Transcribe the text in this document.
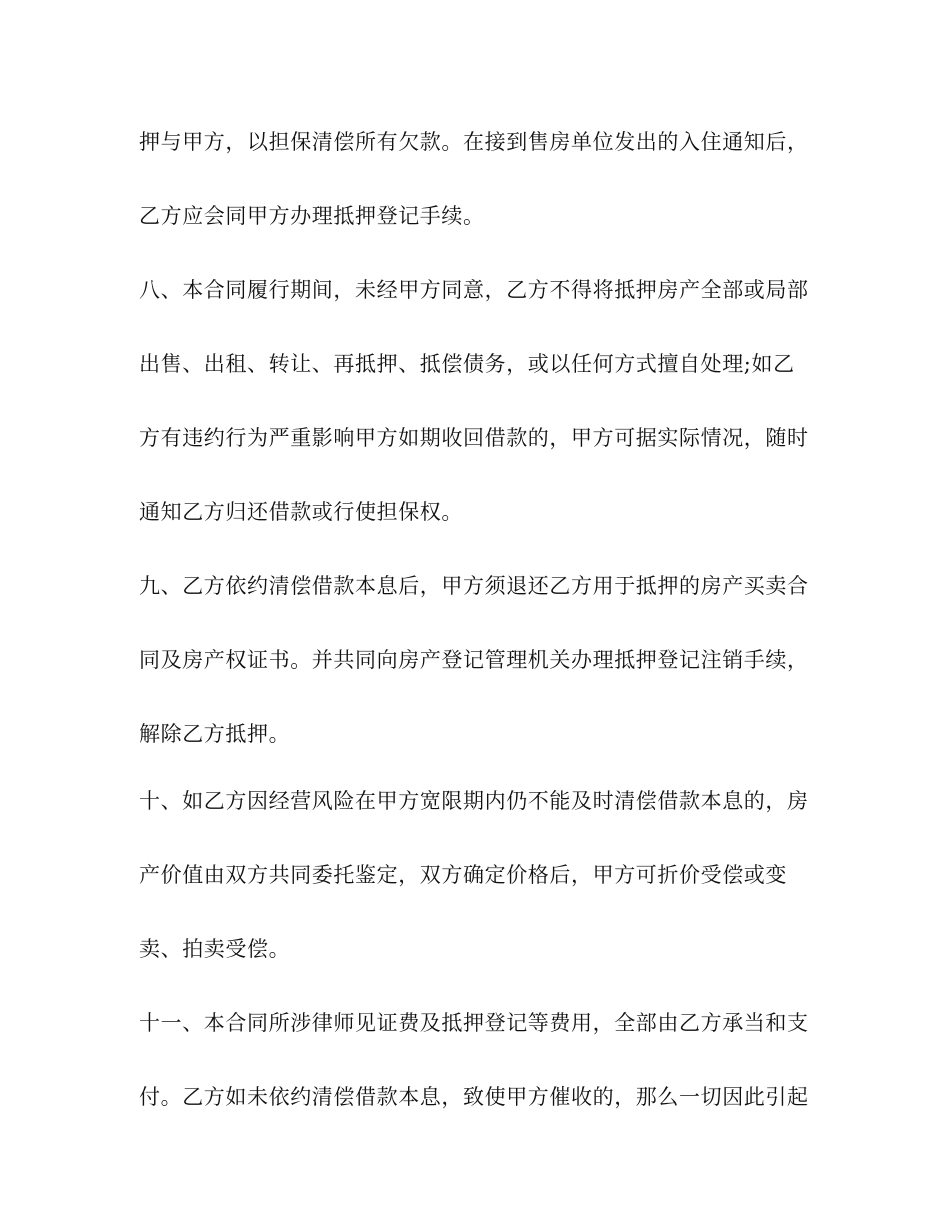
押与甲方，以担保清偿所有欠款。在接到售房单位发出的入住通知后，
乙方应会同甲方办理抵押登记手续。
八、本合同履行期间，未经甲方同意，乙方不得将抵押房产全部或局部
出售、出租、转让、再抵押、抵偿债务，或以任何方式擅自处理;如乙
方有违约行为严重影响甲方如期收回借款的，甲方可据实际情况，随时
通知乙方归还借款或行使担保权。
九、乙方依约清偿借款本息后，甲方须退还乙方用于抵押的房产买卖合
同及房产权证书。并共同向房产登记管理机关办理抵押登记注销手续，
解除乙方抵押。
十、如乙方因经营风险在甲方宽限期内仍不能及时清偿借款本息的，房
产价值由双方共同委托鉴定，双方确定价格后，甲方可折价受偿或变
卖、拍卖受偿。
十一、本合同所涉律师见证费及抵押登记等费用，全部由乙方承当和支
付。乙方如未依约清偿借款本息，致使甲方催收的，那么一切因此引起
